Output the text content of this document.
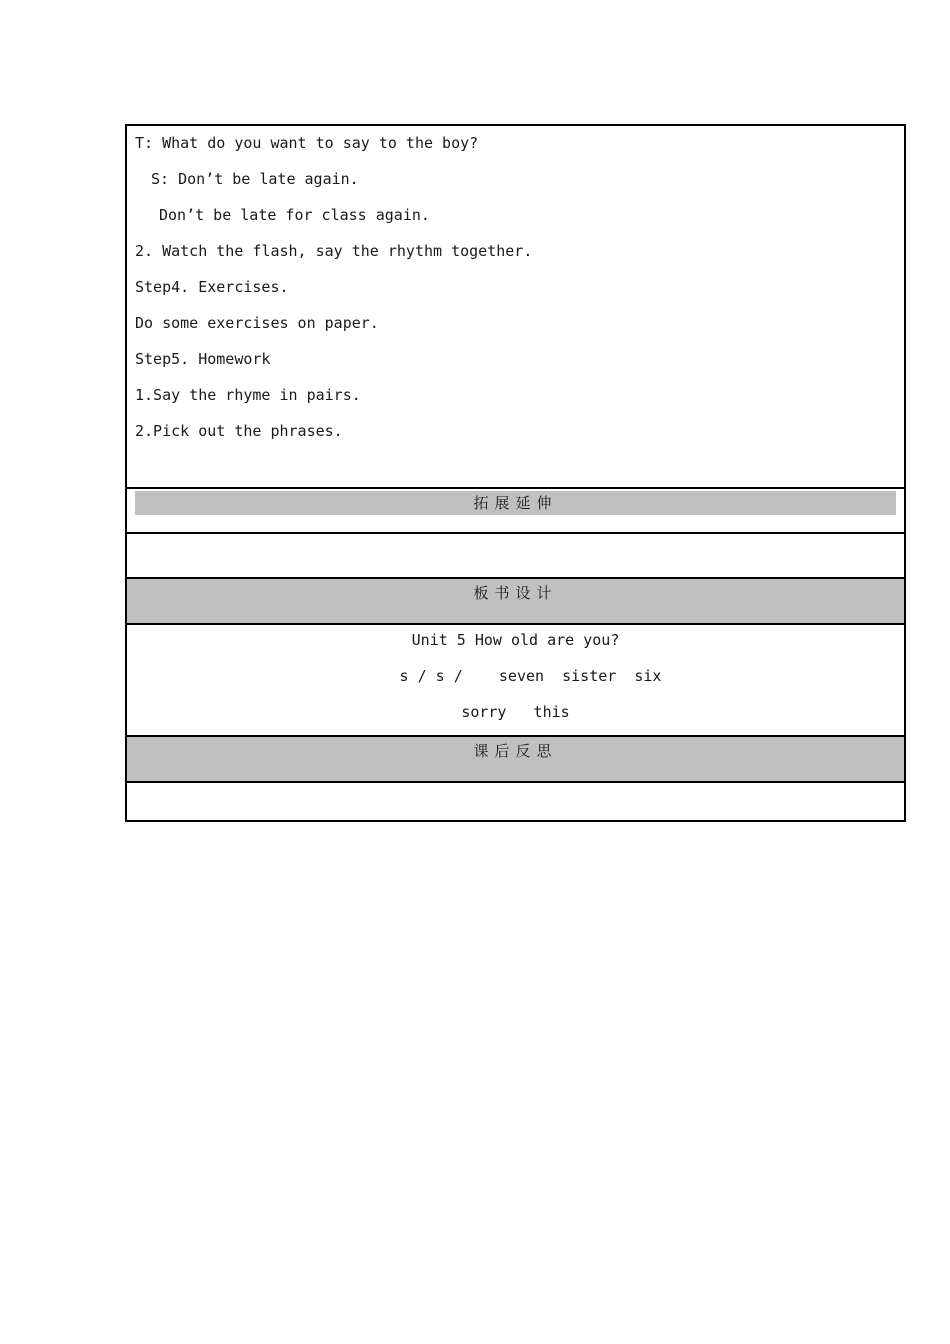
T: What do you want to say to the boy?
S: Don’t be late again.
Don’t be late for class again.
2. Watch the flash, say the rhythm together.
Step4. Exercises.
Do some exercises on paper.
Step5. Homework
1.Say the rhyme in pairs.
2.Pick out the phrases.
拓展延伸
板书设计
Unit 5 How old are you?
s / s /    seven  sister  six
sorry   this
课后反思
